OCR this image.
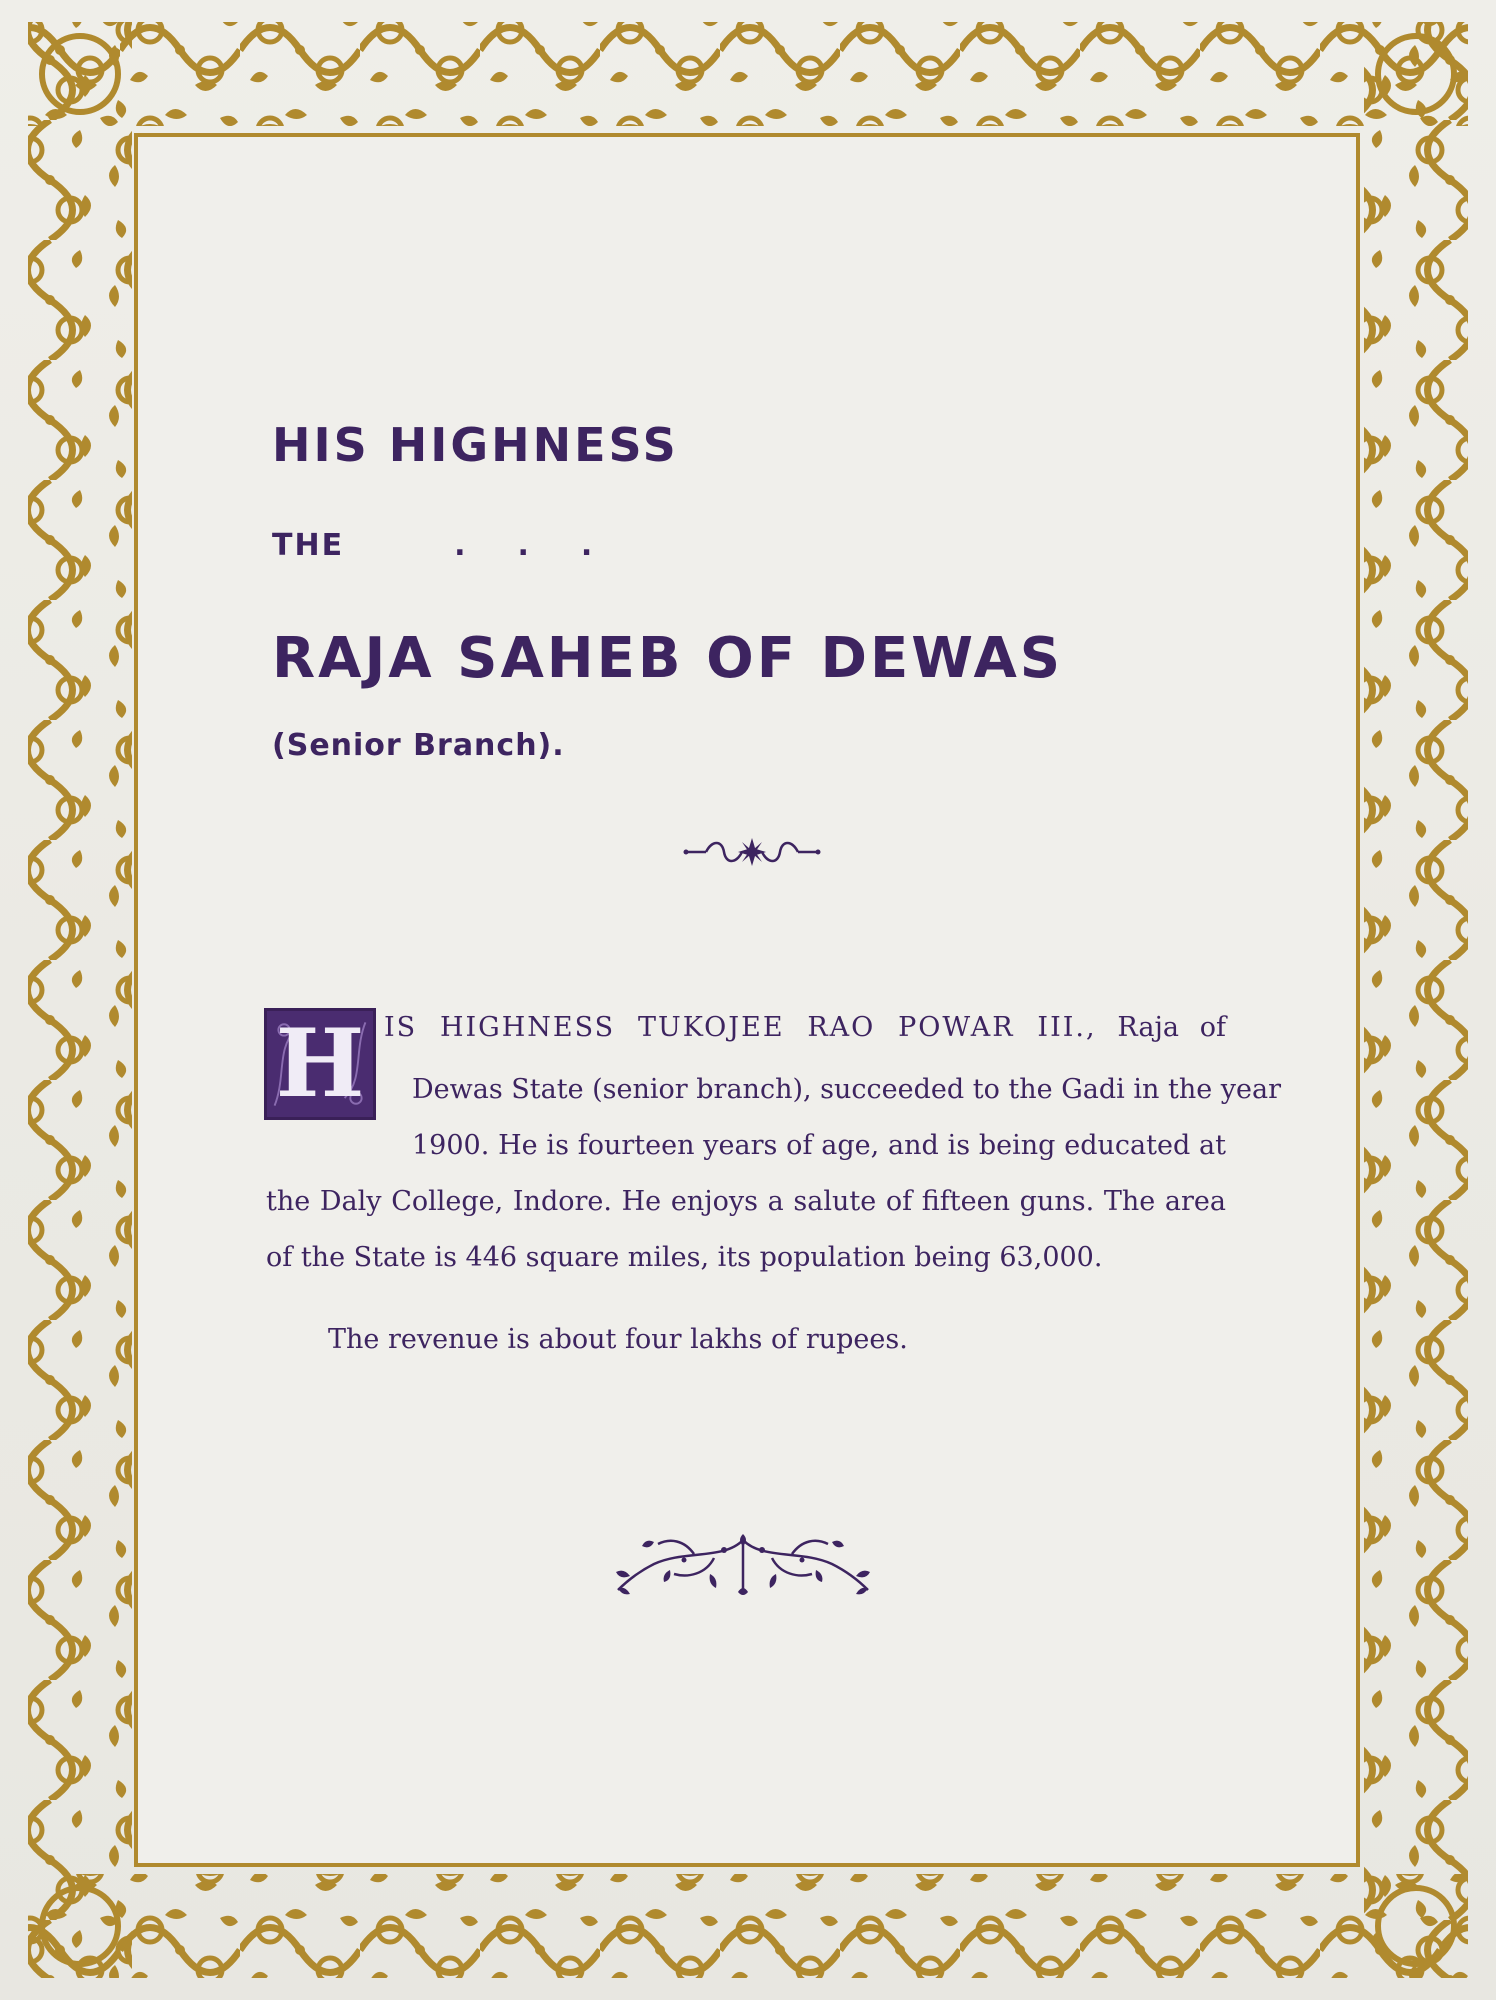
HIS HIGHNESS
THE	...
RAJA SAHEB OF DEWAS
(Senior Branch).
H IS HIGHNESS TUKOJEE RAO POWAR III., Raja of

Dewas State (senior branch), succeeded to the Gadi in the year

1900. He is fourteen years of age, and is being educated at

the Daly College, Indore. He enjoys a salute of fifteen guns. The area

of the State is 446 square miles, its population being 63,000.

The revenue is about four lakhs of rupees.
